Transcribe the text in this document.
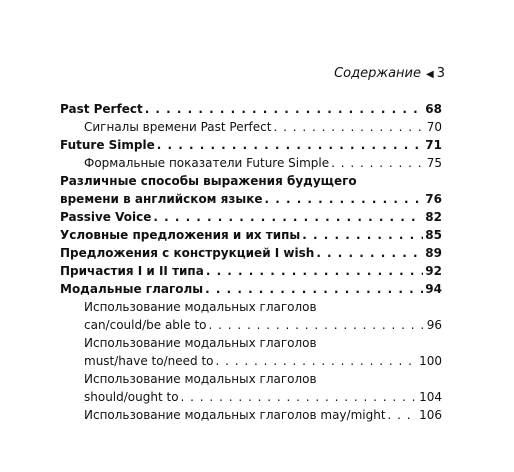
Содержание ◀ 3
Past Perfect . . .	68
Сигналы времени Past Perfect . . .	70
Future Simple . . .	71
Формальные показатели Future Simple . . .	75
Различные способы выражения будущего
времени в английском языке . . .	76
Passive Voice . . .	82
Условные предложения и их типы . . .	85
Предложения с конструкцией I wish . . .	89
Причастия I и II типа . . .	92
Модальные глаголы . . .	94
Использование модальных глаголов
can/could/be able to . . .	96
Использование модальных глаголов
must/have to/need to . . .	100
Использование модальных глаголов
should/ought to . . .	104
Использование модальных глаголов may/might . . .	106
